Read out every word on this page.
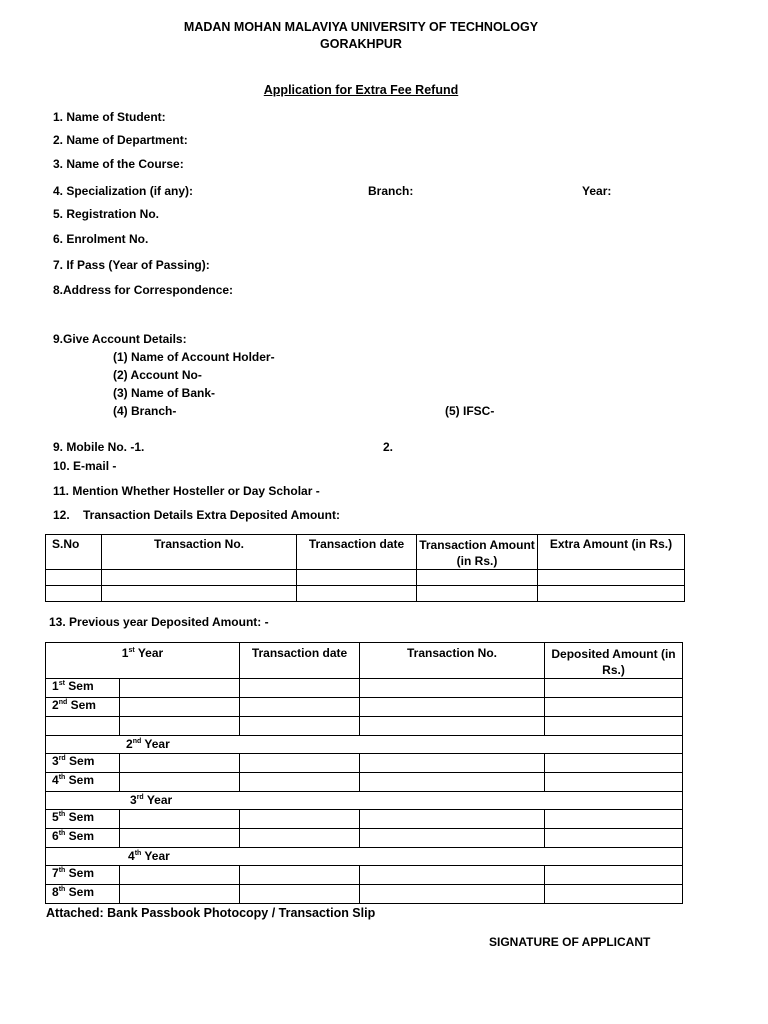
MADAN MOHAN MALAVIYA UNIVERSITY OF TECHNOLOGY
GORAKHPUR
Application for Extra Fee Refund
1. Name of Student:
2. Name of Department:
3. Name of the Course:
4. Specialization (if any):	Branch:	Year:
5. Registration No.
6. Enrolment No.
7. If Pass (Year of Passing):
8.Address for Correspondence:
9.Give Account Details:
(1) Name of Account Holder-
(2) Account No-
(3) Name of Bank-
(4) Branch-	(5) IFSC-
9. Mobile No. -1.	2.
10. E-mail -
11. Mention Whether Hosteller or Day Scholar -
12.    Transaction Details Extra Deposited Amount:
S.No	Transaction No.	Transaction date	Transaction Amount (in Rs.)	Extra Amount (in Rs.)

13. Previous year Deposited Amount: -
1st Year		Transaction date	Transaction No.	Deposited Amount (in Rs.)
1st Sem				
2nd Sem				

2nd Year				
3rd Sem				
4th Sem				
3rd Year				
5th Sem				
6th Sem				
4th Year				
7th Sem				
8th Sem				
Attached: Bank Passbook Photocopy / Transaction Slip
SIGNATURE OF APPLICANT
